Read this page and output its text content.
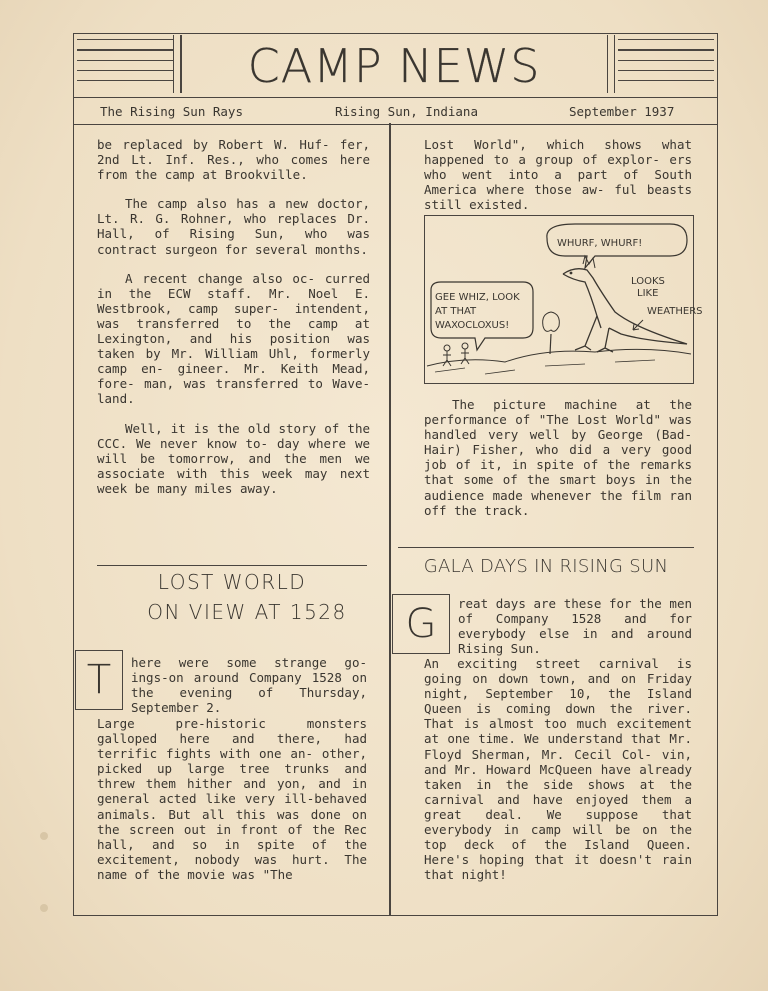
CAMP NEWS
The Rising Sun Rays	Rising Sun, Indiana	September 1937

be replaced by Robert W. Huf- fer, 2nd Lt. Inf. Res., who comes here from the camp at Brookville.

The camp also has a new doctor, Lt. R. G. Rohner, who replaces Dr. Hall, of Rising Sun, who was contract surgeon for several months.

A recent change also oc- curred in the ECW staff. Mr. Noel E. Westbrook, camp super- intendent, was transferred to the camp at Lexington, and his position was taken by Mr. William Uhl, formerly camp en- gineer. Mr. Keith Mead, fore- man, was transferred to Wave- land.

Well, it is the old story of the CCC. We never know to- day where we will be tomorrow, and the men we associate with this week may next week be many miles away.

LOST WORLD
ON VIEW AT 1528
T	here were some strange go- ings-on around Company 1528 on the evening of Thursday, September 2.
Large pre-historic monsters galloped here and there, had terrific fights with one an- other, picked up large tree trunks and threw them hither and yon, and in general acted like very ill-behaved animals. But all this was done on the screen out in front of the Rec hall, and so in spite of the excitement, nobody was hurt. The name of the movie was "The

Lost World", which shows what happened to a group of explor- ers who went into a part of South America where those aw- ful beasts still existed.

WHURF, WHURF!
GEE WHIZ, LOOK
AT THAT
WAXOCLOXUS!
LOOKS
LIKE
WEATHERS

The picture machine at the performance of "The Lost World" was handled very well by George (Bad-Hair) Fisher, who did a very good job of it, in spite of the remarks that some of the smart boys in the audience made whenever the film ran off the track.

GALA DAYS IN RISING SUN
G	reat days are these for the men of Company 1528 and for everybody else in and around Rising Sun.
An exciting street carnival is going on down town, and on Friday night, September 10, the Island Queen is coming down the river. That is almost too much excitement at one time. We understand that Mr. Floyd Sherman, Mr. Cecil Col- vin, and Mr. Howard McQueen have already taken in the side shows at the carnival and have enjoyed them a great deal. We suppose that everybody in camp will be on the top deck of the Island Queen. Here's hoping that it doesn't rain that night!
